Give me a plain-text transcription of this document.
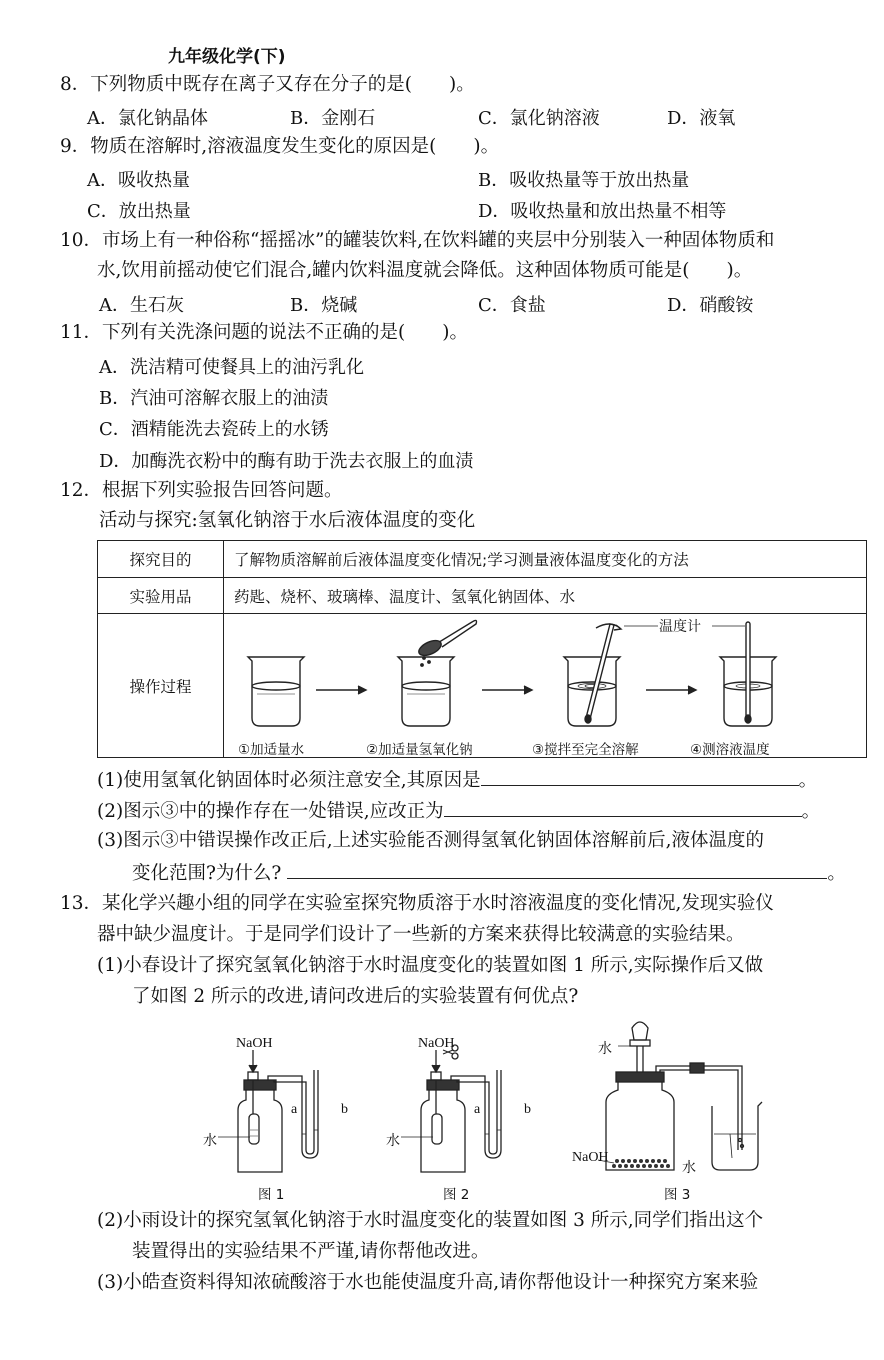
九年级化学(下)
8．下列物质中既存在离子又存在分子的是(　　)。
A．氯化钠晶体	B．金刚石	C．氯化钠溶液	D．液氧
9．物质在溶解时,溶液温度发生变化的原因是(　　)。
A．吸收热量	B．吸收热量等于放出热量
C．放出热量	D．吸收热量和放出热量不相等
10．市场上有一种俗称“摇摇冰”的罐装饮料,在饮料罐的夹层中分别装入一种固体物质和
水,饮用前摇动使它们混合,罐内饮料温度就会降低。这种固体物质可能是(　　)。
A．生石灰	B．烧碱	C．食盐	D．硝酸铵
11．下列有关洗涤问题的说法不正确的是(　　)。
A．洗洁精可使餐具上的油污乳化
B．汽油可溶解衣服上的油渍
C．酒精能洗去瓷砖上的水锈
D．加酶洗衣粉中的酶有助于洗去衣服上的血渍
12．根据下列实验报告回答问题。
活动与探究:氢氧化钠溶于水后液体温度的变化
探究目的	了解物质溶解前后液体温度变化情况;学习测量液体温度变化的方法
实验用品	药匙、烧杯、玻璃棒、温度计、氢氧化钠固体、水
操作过程	温度计
①加适量水 ②加适量氢氧化钠 ③搅拌至完全溶解 ④测溶液温度
(1)使用氢氧化钠固体时必须注意安全,其原因是	。
(2)图示③中的操作存在一处错误,应改正为	。
(3)图示③中错误操作改正后,上述实验能否测得氢氧化钠固体溶解前后,液体温度的
变化范围?为什么?	。
13．某化学兴趣小组的同学在实验室探究物质溶于水时溶液温度的变化情况,发现实验仪
器中缺少温度计。于是同学们设计了一些新的方案来获得比较满意的实验结果。
(1)小春设计了探究氢氧化钠溶于水时温度变化的装置如图 1 所示,实际操作后又做
了如图 2 所示的改进,请问改进后的实验装置有何优点?
NaOH
水
a	b
图 1
NaOH
水
a	b
图 2
水
NaOH
水
图 3
(2)小雨设计的探究氢氧化钠溶于水时温度变化的装置如图 3 所示,同学们指出这个
装置得出的实验结果不严谨,请你帮他改进。
(3)小皓查资料得知浓硫酸溶于水也能使温度升高,请你帮他设计一种探究方案来验
